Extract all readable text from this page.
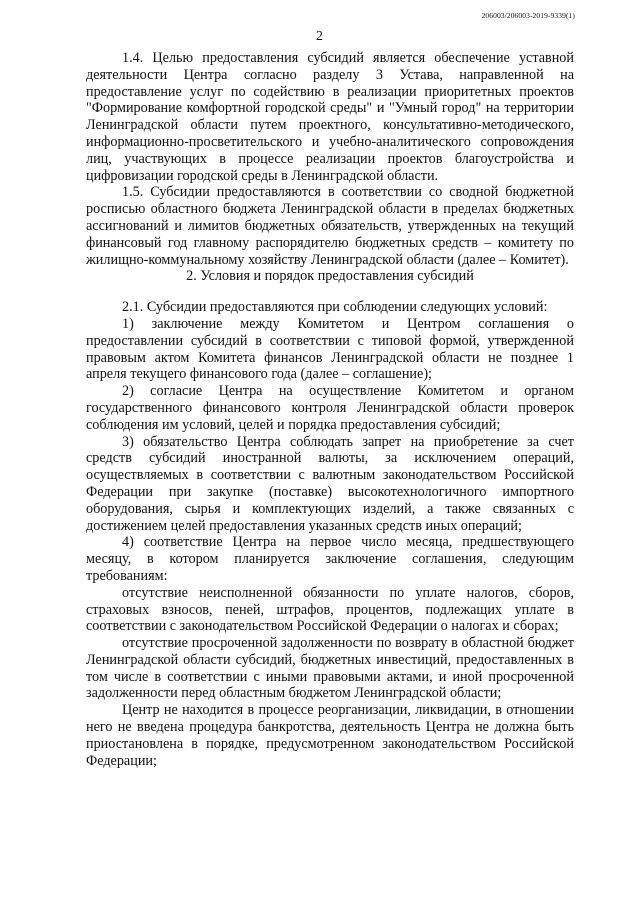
206003/206003-2019-9339(1)
2

1.4. Целью предоставления субсидий является обеспечение уставной деятельности Центра согласно разделу 3 Устава, направленной на предоставление услуг по содействию в реализации приоритетных проектов "Формирование комфортной городской среды" и "Умный город" на территории Ленинградской области путем проектного, консультативно-методического, информационно-просветительского и учебно-аналитического сопровождения лиц, участвующих в процессе реализации проектов благоустройства и цифровизации городской среды в Ленинградской области.

1.5. Субсидии предоставляются в соответствии со сводной бюджетной росписью областного бюджета Ленинградской области в пределах бюджетных ассигнований и лимитов бюджетных обязательств, утвержденных на текущий финансовый год главному распорядителю бюджетных средств – комитету по жилищно-коммунальному хозяйству Ленинградской области (далее – Комитет).

2. Условия и порядок предоставления субсидий

2.1. Субсидии предоставляются при соблюдении следующих условий:

1) заключение между Комитетом и Центром соглашения о предоставлении субсидий в соответствии с типовой формой, утвержденной правовым актом Комитета финансов Ленинградской области не позднее 1 апреля текущего финансового года (далее – соглашение);

2) согласие Центра на осуществление Комитетом и органом государственного финансового контроля Ленинградской области проверок соблюдения им условий, целей и порядка предоставления субсидий;

3) обязательство Центра соблюдать запрет на приобретение за счет средств субсидий иностранной валюты, за исключением операций, осуществляемых в соответствии с валютным законодательством Российской Федерации при закупке (поставке) высокотехнологичного импортного оборудования, сырья и комплектующих изделий, а также связанных с достижением целей предоставления указанных средств иных операций;

4) соответствие Центра на первое число месяца, предшествующего месяцу, в котором планируется заключение соглашения, следующим требованиям:

отсутствие неисполненной обязанности по уплате налогов, сборов, страховых взносов, пеней, штрафов, процентов, подлежащих уплате в соответствии с законодательством Российской Федерации о налогах и сборах;

отсутствие просроченной задолженности по возврату в областной бюджет Ленинградской области субсидий, бюджетных инвестиций, предоставленных в том числе в соответствии с иными правовыми актами, и иной просроченной задолженности перед областным бюджетом Ленинградской области;

Центр не находится в процессе реорганизации, ликвидации, в отношении него не введена процедура банкротства, деятельность Центра не должна быть приостановлена в порядке, предусмотренном законодательством Российской Федерации;
